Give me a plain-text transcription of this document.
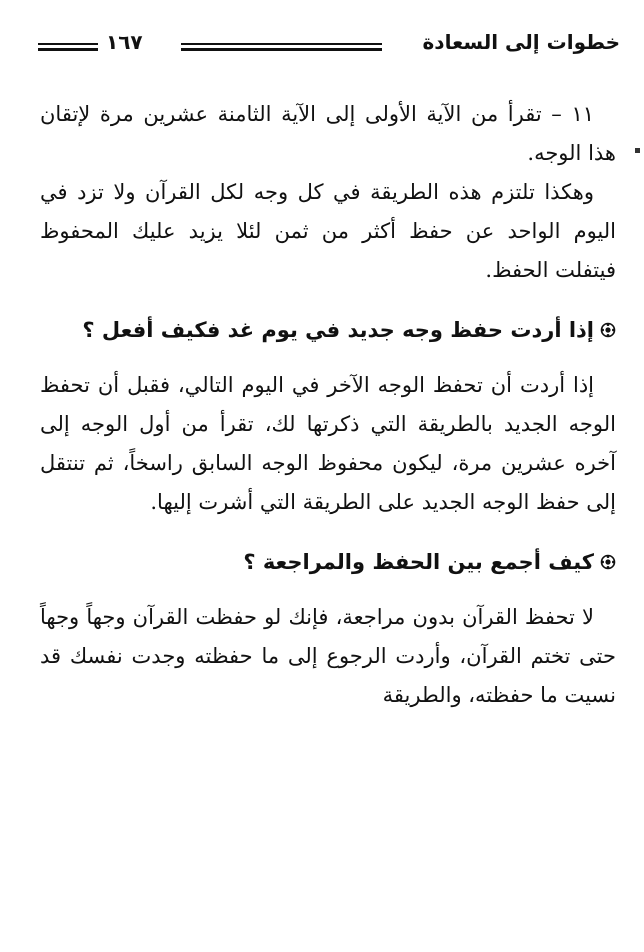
خطوات إلى السعادة
١٦٧

١١ – تقرأ من الآية الأولى إلى الآية الثامنة عشرين مرة لإتقان هذا الوجه.

وهكذا تلتزم هذه الطريقة في كل وجه لكل القرآن ولا تزد في اليوم الواحد عن حفظ أكثر من ثمن لئلا يزيد عليك المحفوظ فيتفلت الحفظ.

إذا أردت حفظ وجه جديد في يوم غد فكيف أفعل ؟

إذا أردت أن تحفظ الوجه الآخر في اليوم التالي، فقبل أن تحفظ الوجه الجديد بالطريقة التي ذكرتها لك، تقرأ من أول الوجه إلى آخره عشرين مرة، ليكون محفوظ الوجه السابق راسخاً، ثم تنتقل إلى حفظ الوجه الجديد على الطريقة التي أشرت إليها.

كيف أجمع بين الحفظ والمراجعة ؟

لا تحفظ القرآن بدون مراجعة، فإنك لو حفظت القرآن وجهاً وجهاً حتى تختم القرآن، وأردت الرجوع إلى ما حفظته وجدت نفسك قد نسيت ما حفظته، والطريقة
